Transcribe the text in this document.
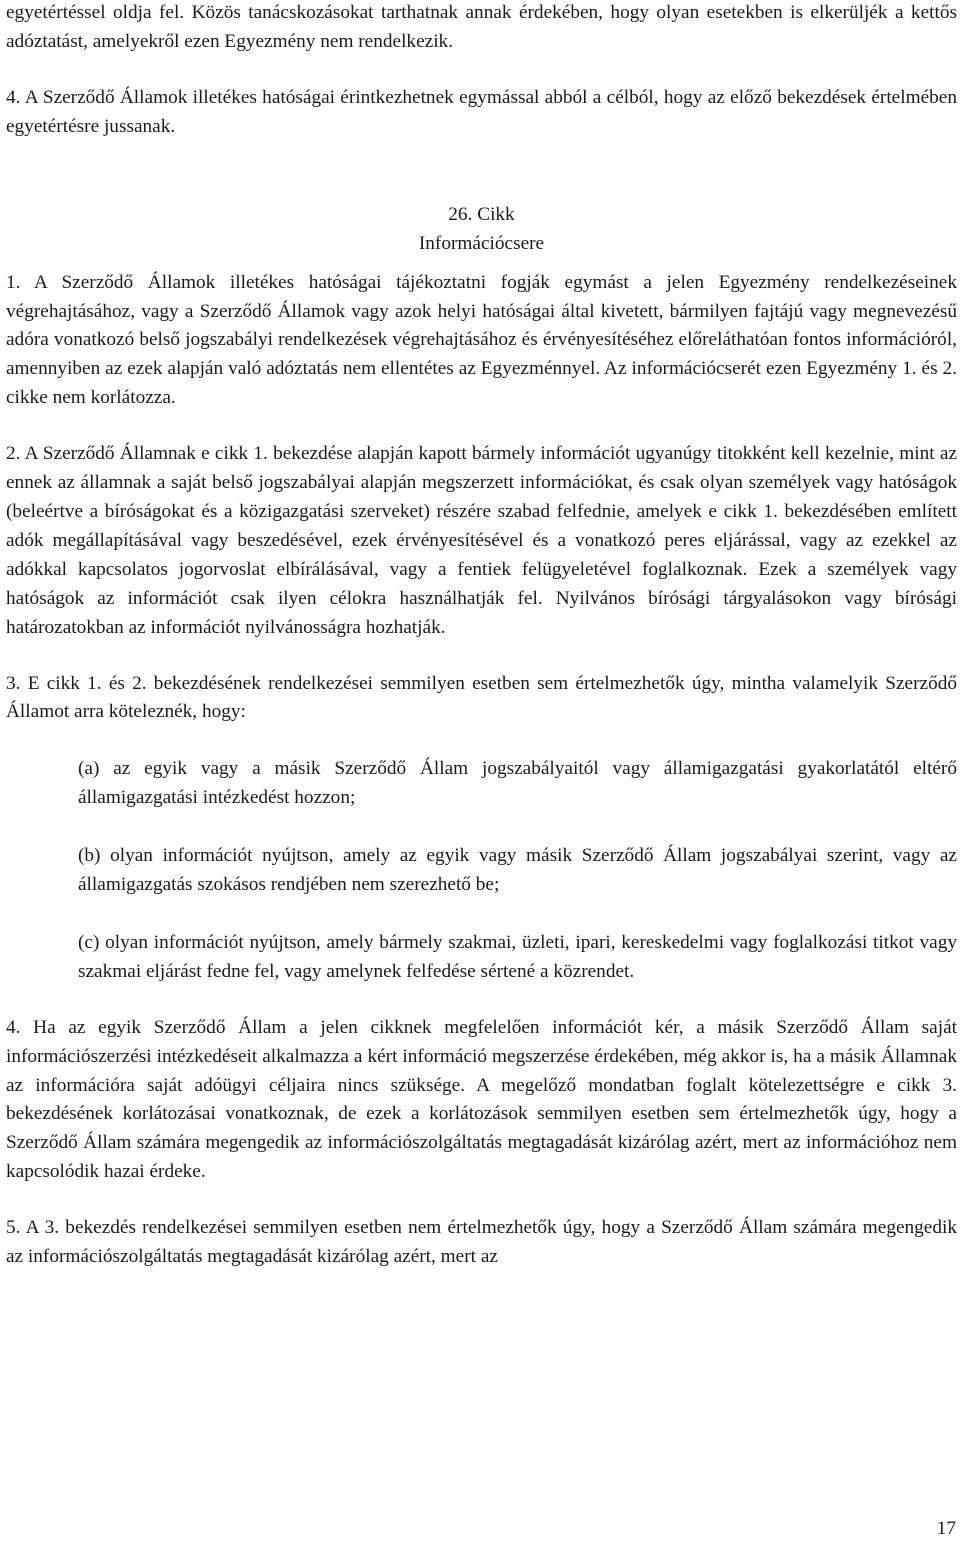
egyetértéssel oldja fel. Közös tanácskozásokat tarthatnak annak érdekében, hogy olyan esetekben is elkerüljék a kettős adóztatást, amelyekről ezen Egyezmény nem rendelkezik.

4. A Szerződő Államok illetékes hatóságai érintkezhetnek egymással abból a célból, hogy az előző bekezdések értelmében egyetértésre jussanak.

26. Cikk
Információcsere

1. A Szerződő Államok illetékes hatóságai tájékoztatni fogják egymást a jelen Egyezmény rendelkezéseinek végrehajtásához, vagy a Szerződő Államok vagy azok helyi hatóságai által kivetett, bármilyen fajtájú vagy megnevezésű adóra vonatkozó belső jogszabályi rendelkezések végrehajtásához és érvényesítéséhez előreláthatóan fontos információról, amennyiben az ezek alapján való adóztatás nem ellentétes az Egyezménnyel. Az információcserét ezen Egyezmény 1. és 2. cikke nem korlátozza.

2. A Szerződő Államnak e cikk 1. bekezdése alapján kapott bármely információt ugyanúgy titokként kell kezelnie, mint az ennek az államnak a saját belső jogszabályai alapján megszerzett információkat, és csak olyan személyek vagy hatóságok (beleértve a bíróságokat és a közigazgatási szerveket) részére szabad felfednie, amelyek e cikk 1. bekezdésében említett adók megállapításával vagy beszedésével, ezek érvényesítésével és a vonatkozó peres eljárással, vagy az ezekkel az adókkal kapcsolatos jogorvoslat elbírálásával, vagy a fentiek felügyeletével foglalkoznak. Ezek a személyek vagy hatóságok az információt csak ilyen célokra használhatják fel. Nyilvános bírósági tárgyalásokon vagy bírósági határozatokban az információt nyilvánosságra hozhatják.

3. E cikk 1. és 2. bekezdésének rendelkezései semmilyen esetben sem értelmezhetők úgy, mintha valamelyik Szerződő Államot arra köteleznék, hogy:

(a) az egyik vagy a másik Szerződő Állam jogszabályaitól vagy államigazgatási gyakorlatától eltérő államigazgatási intézkedést hozzon;

(b) olyan információt nyújtson, amely az egyik vagy másik Szerződő Állam jogszabályai szerint, vagy az államigazgatás szokásos rendjében nem szerezhető be;

(c) olyan információt nyújtson, amely bármely szakmai, üzleti, ipari, kereskedelmi vagy foglalkozási titkot vagy szakmai eljárást fedne fel, vagy amelynek felfedése sértené a közrendet.

4. Ha az egyik Szerződő Állam a jelen cikknek megfelelően információt kér, a másik Szerződő Állam saját információszerzési intézkedéseit alkalmazza a kért információ megszerzése érdekében, még akkor is, ha a másik Államnak az információra saját adóügyi céljaira nincs szüksége. A megelőző mondatban foglalt kötelezettségre e cikk 3. bekezdésének korlátozásai vonatkoznak, de ezek a korlátozások semmilyen esetben sem értelmezhetők úgy, hogy a Szerződő Állam számára megengedik az információszolgáltatás megtagadását kizárólag azért, mert az információhoz nem kapcsolódik hazai érdeke.

5. A 3. bekezdés rendelkezései semmilyen esetben nem értelmezhetők úgy, hogy a Szerződő Állam számára megengedik az információszolgáltatás megtagadását kizárólag azért, mert az

17
